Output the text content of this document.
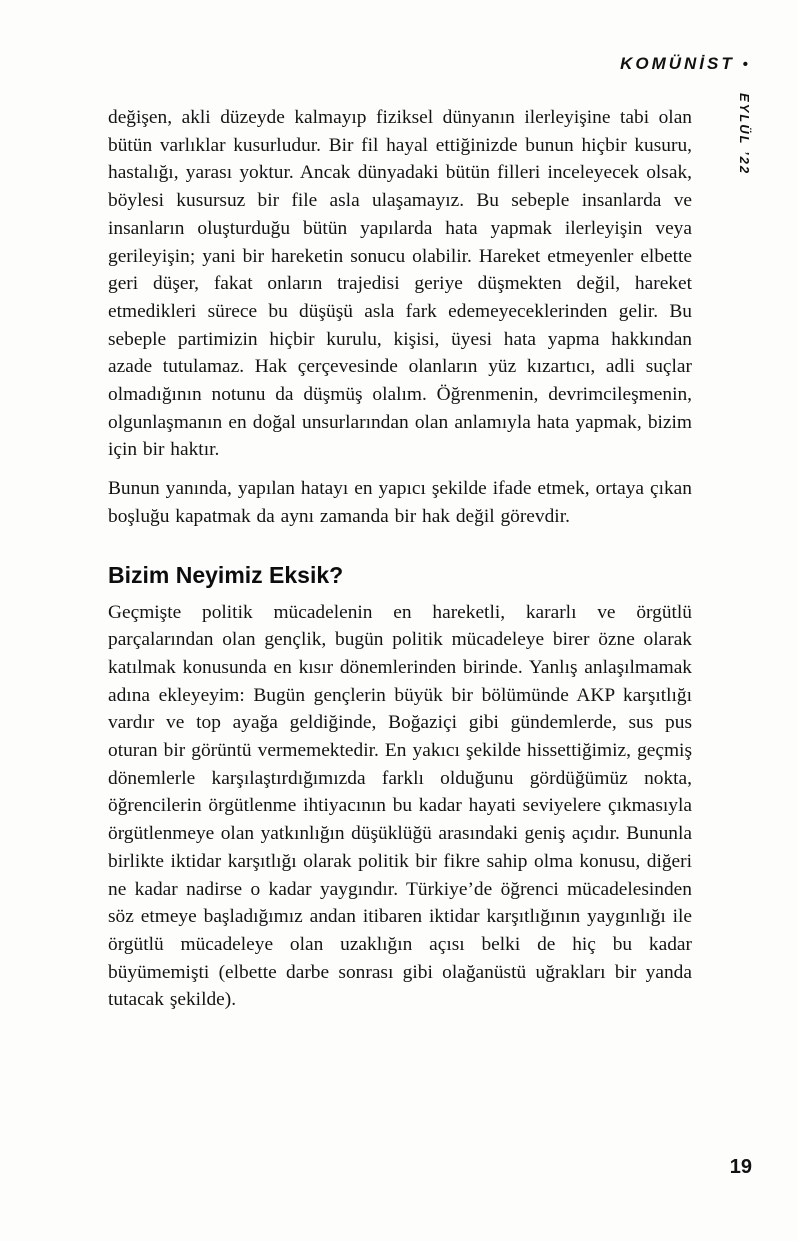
KOMÜNİST •
EYLÜL ’22

değişen, akli düzeyde kalmayıp fiziksel dünyanın ilerleyişine tabi olan bütün varlıklar kusurludur. Bir fil hayal ettiğinizde bunun hiçbir kusuru, hastalığı, yarası yoktur. Ancak dünyadaki bütün filleri inceleyecek olsak, böylesi kusursuz bir file asla ulaşamayız. Bu sebeple insanlarda ve insanların oluşturduğu bütün yapılarda hata yapmak ilerleyişin veya gerileyişin; yani bir hareketin sonucu olabilir. Hareket etmeyenler elbette geri düşer, fakat onların trajedisi geriye düşmekten değil, hareket etmedikleri sürece bu düşüşü asla fark edemeyeceklerinden gelir. Bu sebeple partimizin hiçbir kurulu, kişisi, üyesi hata yapma hakkından azade tutulamaz. Hak çerçevesinde olanların yüz kızartıcı, adli suçlar olmadığının notunu da düşmüş olalım. Öğrenmenin, devrimcileşmenin, olgunlaşmanın en doğal unsurlarından olan anlamıyla hata yapmak, bizim için bir haktır.

Bunun yanında, yapılan hatayı en yapıcı şekilde ifade etmek, ortaya çıkan boşluğu kapatmak da aynı zamanda bir hak değil görevdir.

Bizim Neyimiz Eksik?

Geçmişte politik mücadelenin en hareketli, kararlı ve örgütlü parçalarından olan gençlik, bugün politik mücadeleye birer özne olarak katılmak konusunda en kısır dönemlerinden birinde. Yanlış anlaşılmamak adına ekleyeyim: Bugün gençlerin büyük bir bölümünde AKP karşıtlığı vardır ve top ayağa geldiğinde, Boğaziçi gibi gündemlerde, sus pus oturan bir görüntü vermemektedir. En yakıcı şekilde hissettiğimiz, geçmiş dönemlerle karşılaştırdığımızda farklı olduğunu gördüğümüz nokta, öğrencilerin örgütlenme ihtiyacının bu kadar hayati seviyelere çıkmasıyla örgütlenmeye olan yatkınlığın düşüklüğü arasındaki geniş açıdır. Bununla birlikte iktidar karşıtlığı olarak politik bir fikre sahip olma konusu, diğeri ne kadar nadirse o kadar yaygındır. Türkiye’de öğrenci mücadelesinden söz etmeye başladığımız andan itibaren iktidar karşıtlığının yaygınlığı ile örgütlü mücadeleye olan uzaklığın açısı belki de hiç bu kadar büyümemişti (elbette darbe sonrası gibi olağanüstü uğrakları bir yanda tutacak şekilde).

19
